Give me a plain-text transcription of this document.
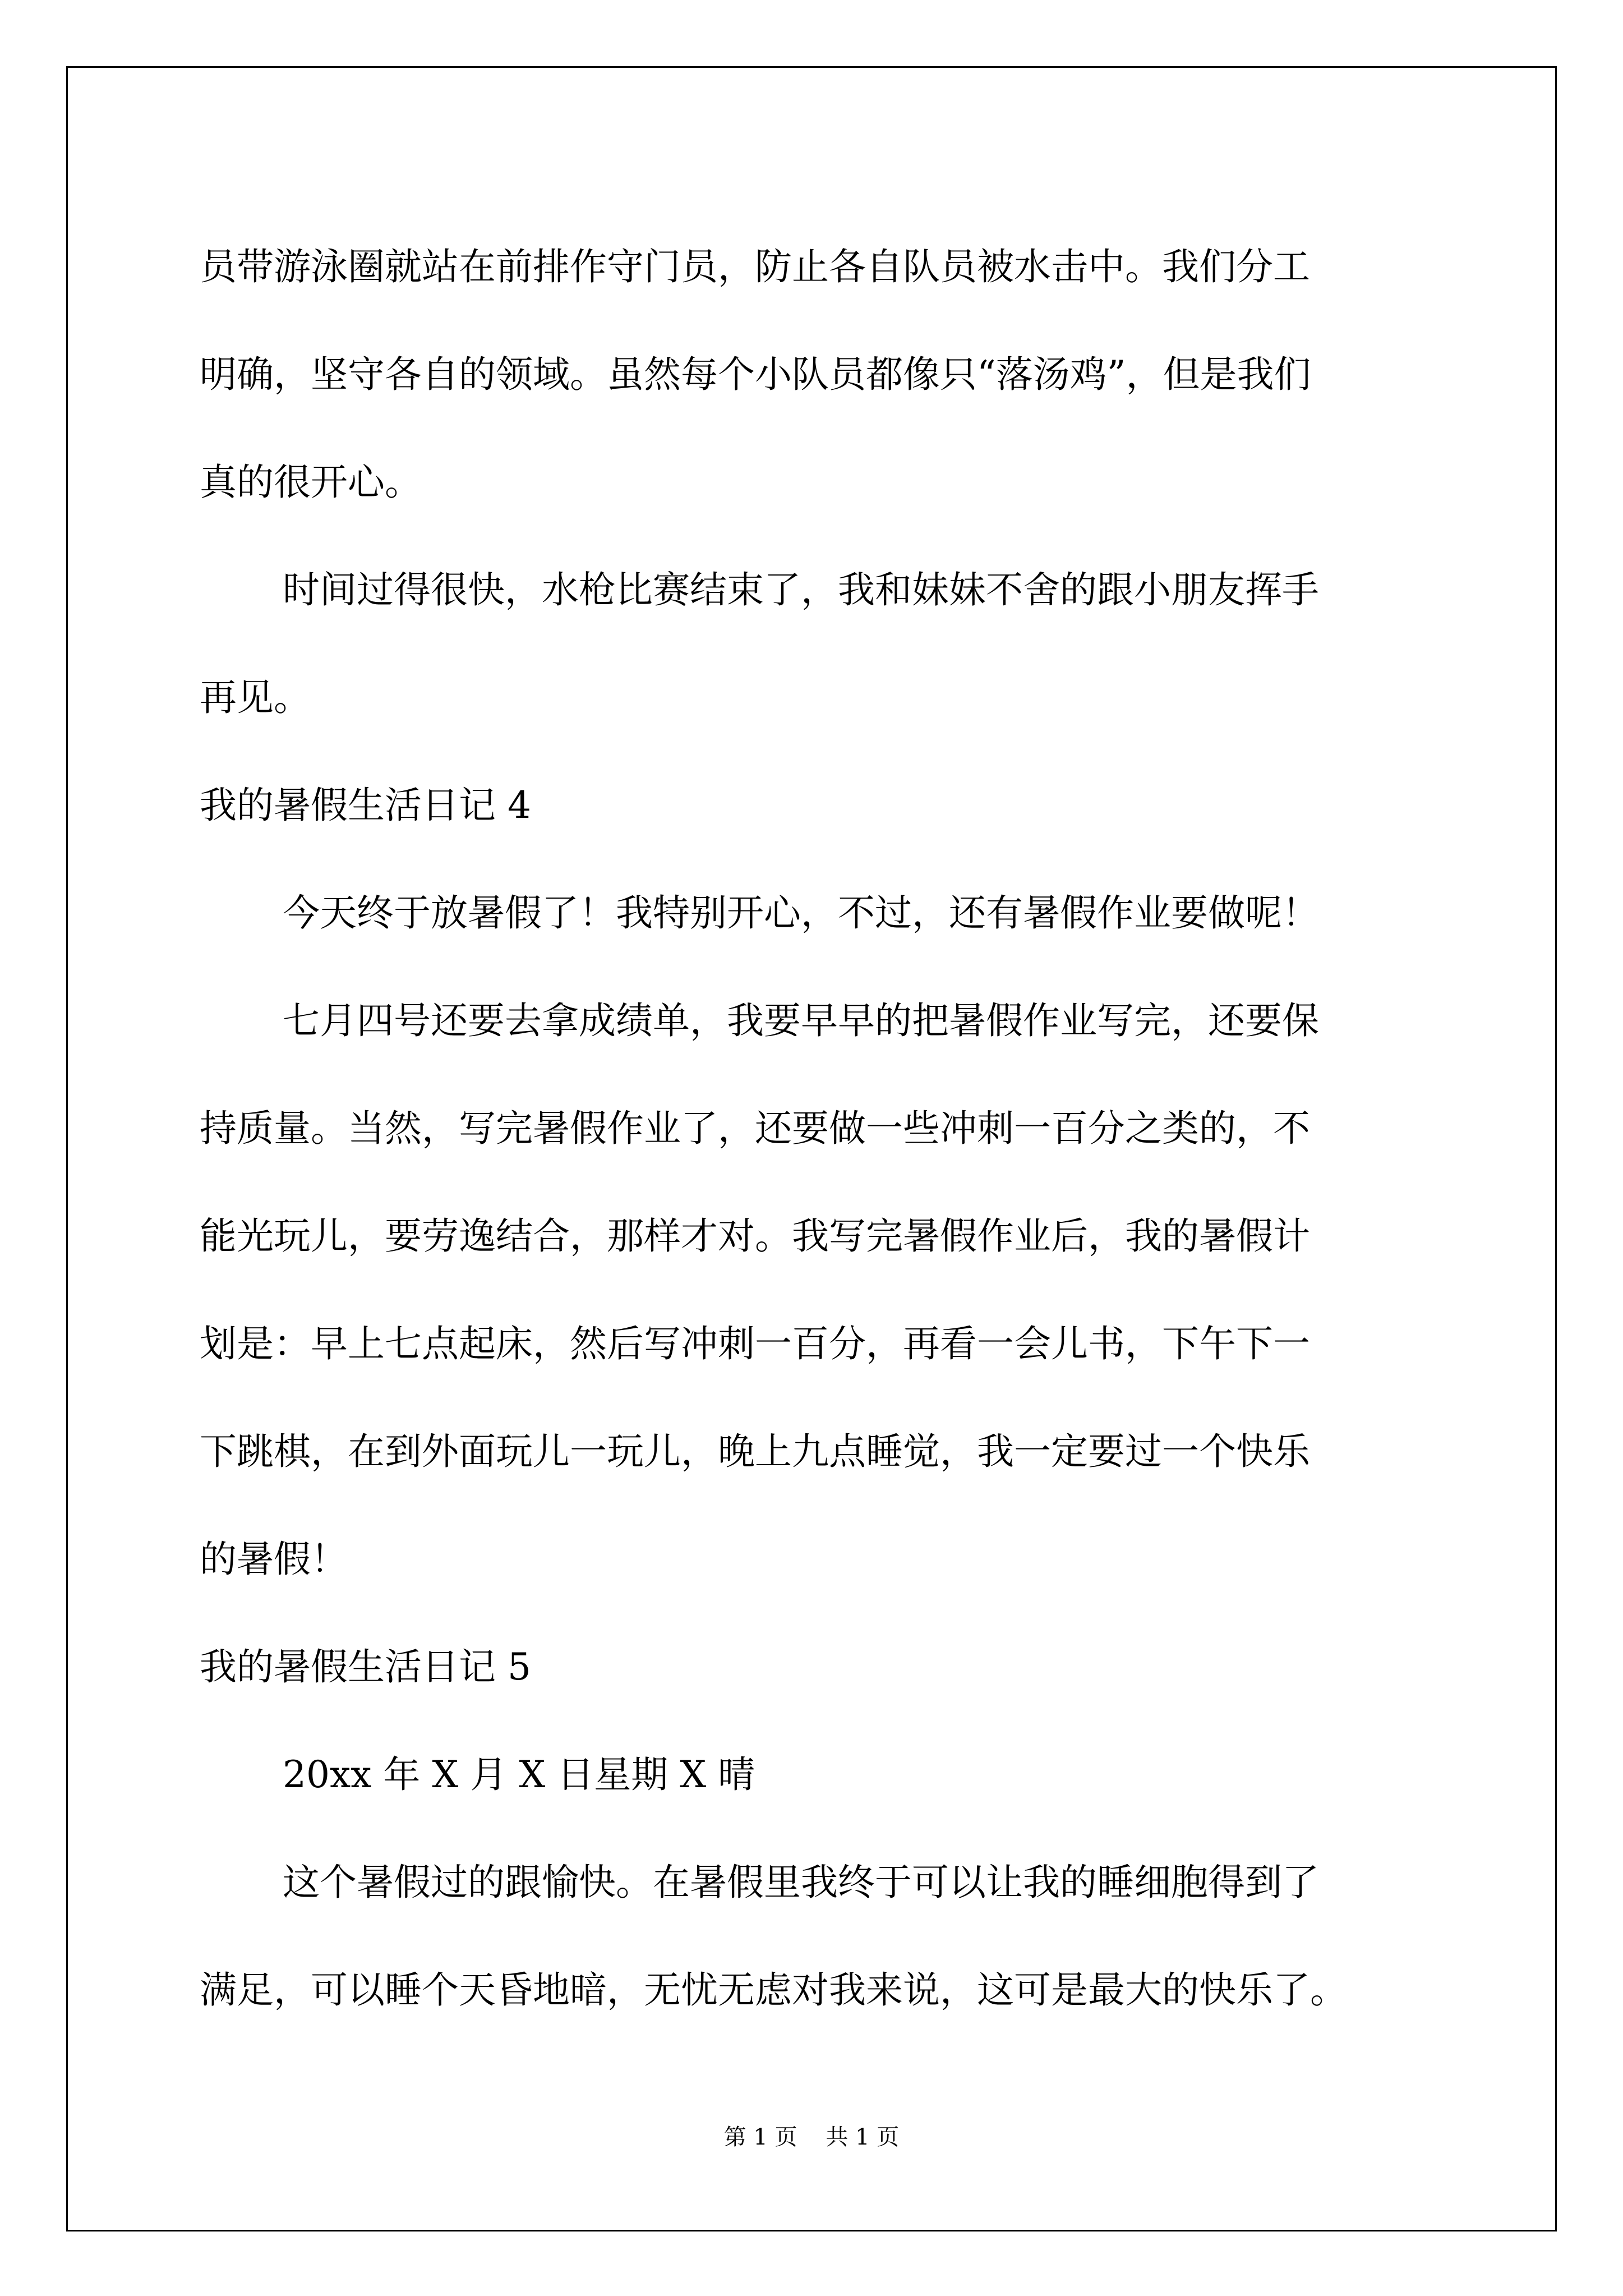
员带游泳圈就站在前排作守门员，防止各自队员被水击中。我们分工

明确，坚守各自的领域。虽然每个小队员都像只“落汤鸡”，但是我们

真的很开心。

时间过得很快，水枪比赛结束了，我和妹妹不舍的跟小朋友挥手

再见。

我的暑假生活日记 4

今天终于放暑假了！我特别开心，不过，还有暑假作业要做呢！

七月四号还要去拿成绩单，我要早早的把暑假作业写完，还要保

持质量。当然，写完暑假作业了，还要做一些冲刺一百分之类的，不

能光玩儿，要劳逸结合，那样才对。我写完暑假作业后，我的暑假计

划是：早上七点起床，然后写冲刺一百分，再看一会儿书，下午下一

下跳棋，在到外面玩儿一玩儿，晚上九点睡觉，我一定要过一个快乐

的暑假！

我的暑假生活日记 5

20xx 年 X 月 X 日星期 X 晴

这个暑假过的跟愉快。在暑假里我终于可以让我的睡细胞得到了

满足，可以睡个天昏地暗，无忧无虑对我来说，这可是最大的快乐了。

第 1 页    共 1 页
